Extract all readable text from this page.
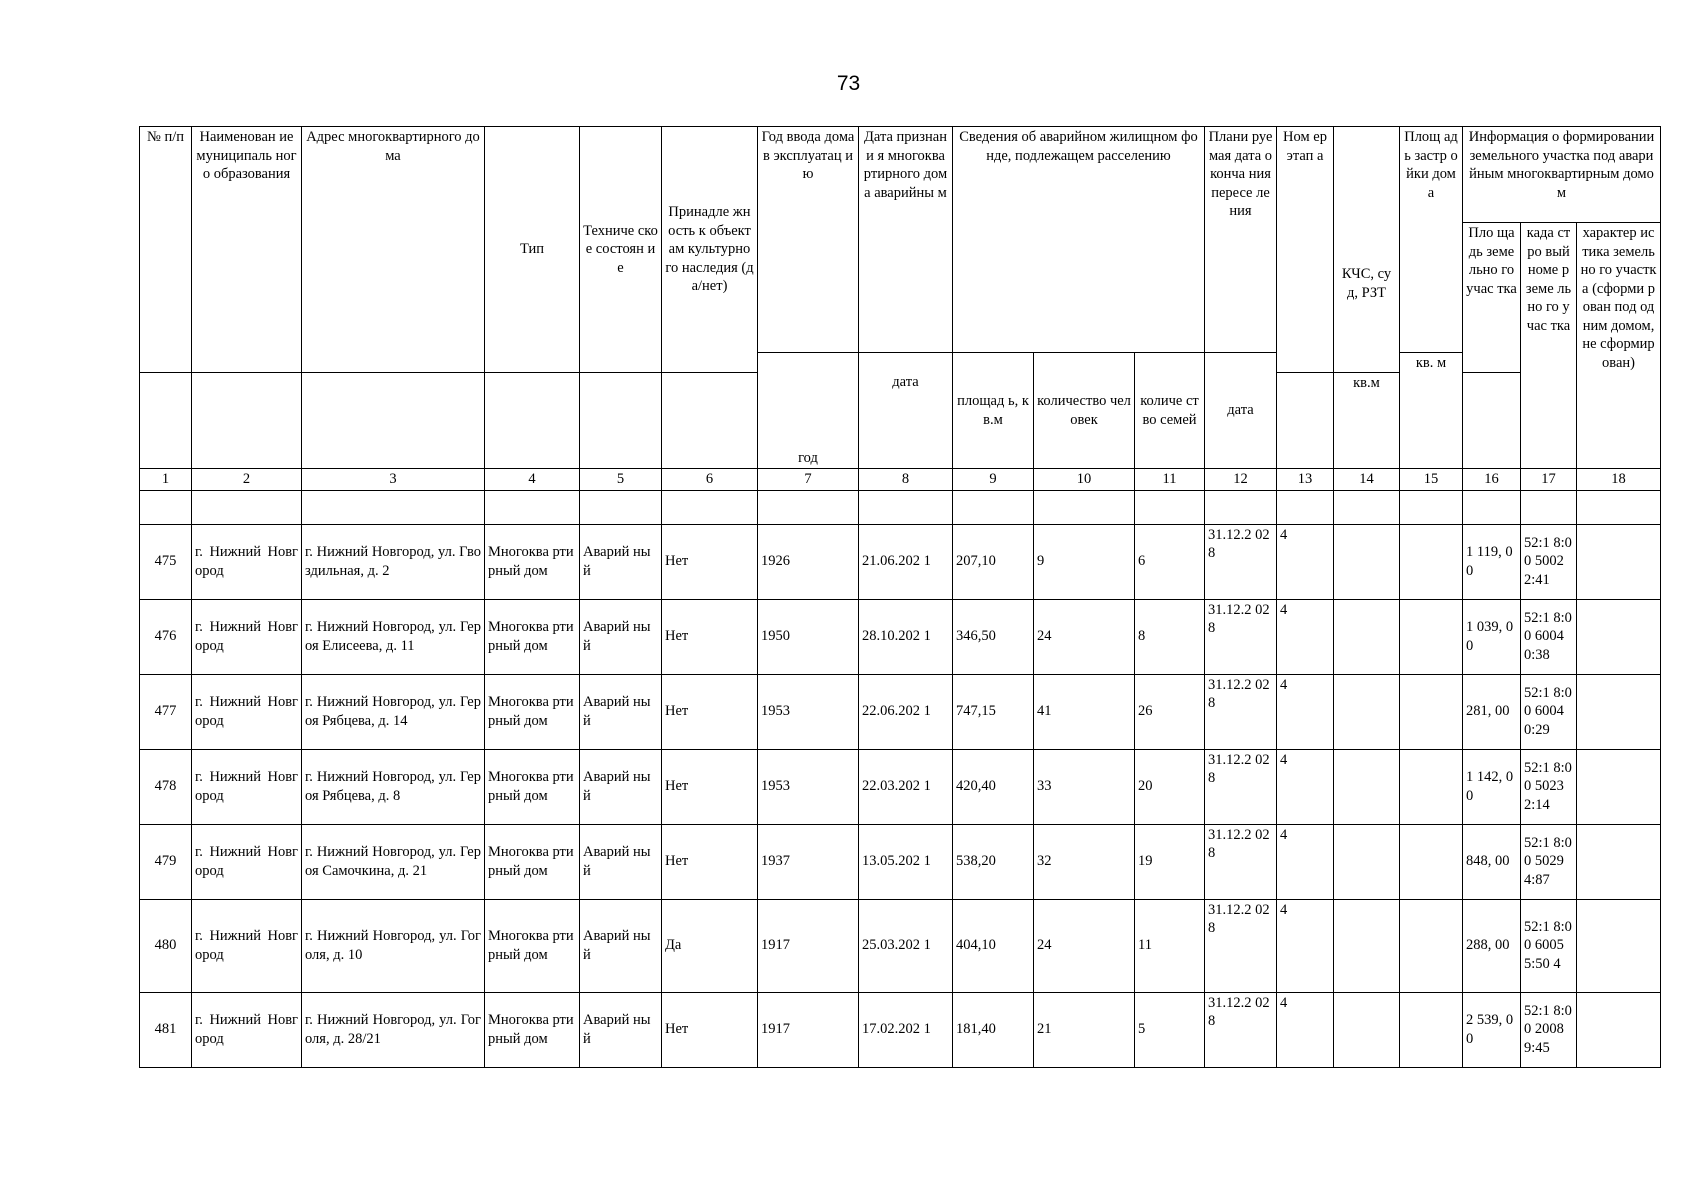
73
№ п/п	Наименован ие муниципаль ного образования	Адрес многоквартирного дома	Тип	Техниче ское состоян ие	Принадле жность к объектам культурно го наследия (да/нет)	Год ввода дома в эксплуатац ию	Дата признани я многоква ртирного дома аварийны м	Сведения об аварийном жилищном фонде, подлежащем расселению			Плани руемая дата оконча ния пересе ления	Ном ер этап а	КЧС, суд, РЗТ	Площ адь застр ойки дома	Информация о формировании земельного участка под аварийным многоквартирным домом		
															Пло щадь земе льно го учас тка	када стро вый номе р земе льно го учас тка	характер истика земельно го участка (сформи рован под одним домом, не сформир ован)
						год	дата	площад ь, кв.м	количество человек	количе ство семей	дата			кв. м			
													кв.м				
1	2	3	4	5	6	7	8	9	10	11	12	13	14	15	16	17	18

475	г. Нижний Новгород	г. Нижний Новгород, ул. Гвоздильная, д. 2	Многоква ртирный дом	Аварий ный	Нет	1926	21.06.202 1	207,10	9	6	31.12.2 028	4			1 119, 00	52:1 8:00 5002 2:41	
476	г. Нижний Новгород	г. Нижний Новгород, ул. Героя Елисеева, д. 11	Многоква ртирный дом	Аварий ный	Нет	1950	28.10.202 1	346,50	24	8	31.12.2 028	4			1 039, 00	52:1 8:00 6004 0:38	
477	г. Нижний Новгород	г. Нижний Новгород, ул. Героя Рябцева, д. 14	Многоква ртирный дом	Аварий ный	Нет	1953	22.06.202 1	747,15	41	26	31.12.2 028	4			281, 00	52:1 8:00 6004 0:29	
478	г. Нижний Новгород	г. Нижний Новгород, ул. Героя Рябцева, д. 8	Многоква ртирный дом	Аварий ный	Нет	1953	22.03.202 1	420,40	33	20	31.12.2 028	4			1 142, 00	52:1 8:00 5023 2:14	
479	г. Нижний Новгород	г. Нижний Новгород, ул. Героя Самочкина, д. 21	Многоква ртирный дом	Аварий ный	Нет	1937	13.05.202 1	538,20	32	19	31.12.2 028	4			848, 00	52:1 8:00 5029 4:87	
480	г. Нижний Новгород	г. Нижний Новгород, ул. Гоголя, д. 10	Многоква ртирный дом	Аварий ный	Да	1917	25.03.202 1	404,10	24	11	31.12.2 028	4			288, 00	52:1 8:00 6005 5:50 4	
481	г. Нижний Новгород	г. Нижний Новгород, ул. Гоголя, д. 28/21	Многоква ртирный дом	Аварий ный	Нет	1917	17.02.202 1	181,40	21	5	31.12.2 028	4			2 539, 00	52:1 8:00 2008 9:45	
